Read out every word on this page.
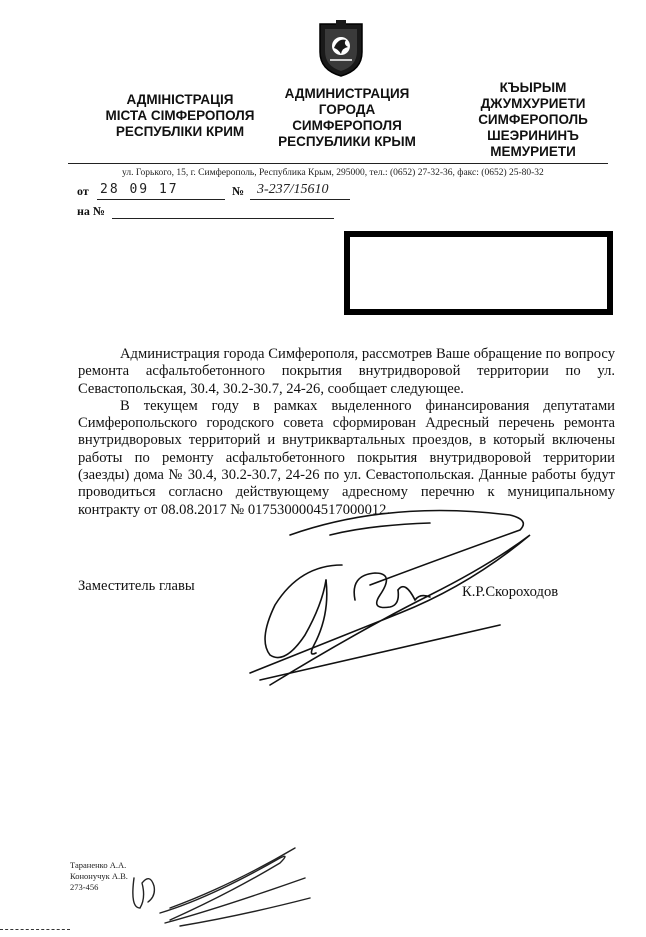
АДМІНІСТРАЦІЯ
МІСТА СІМФЕРОПОЛЯ
РЕСПУБЛІКИ КРИМ
АДМИНИСТРАЦИЯ
ГОРОДА
СИМФЕРОПОЛЯ
РЕСПУБЛИКИ КРЫМ
КЪЫРЫМ
ДЖУМХУРИЕТИ
СИМФЕРОПОЛЬ
ШЕЭРИНИНЪ
МЕМУРИЕТИ
ул. Горького, 15, г. Симферополь, Республика Крым, 295000, тел.: (0652) 27-32-36, факс: (0652) 25-80-32
от 28 09 17	№ 3-237/15610
на №

Администрация города Симферополя, рассмотрев Ваше обращение по вопросу ремонта асфальтобетонного покрытия внутридворовой территории по ул. Севастопольская, 30.4, 30.2-30.7, 24-26, сообщает следующее.

В текущем году в рамках выделенного финансирования депутатами Симферопольского городского совета сформирован Адресный перечень ремонта внутридворовых территорий и внутриквартальных проездов, в который включены работы по ремонту асфальтобетонного покрытия внутридворовой территории (заезды) дома № 30.4, 30.2-30.7, 24-26 по ул. Севастопольская. Данные работы будут проводиться согласно действующему адресному перечню к муниципальному контракту от 08.08.2017 № 0175300004517000012.

Заместитель главы	К.Р.Скороходов
Тараненко А.А.
Кононучук А.В.
273-456
